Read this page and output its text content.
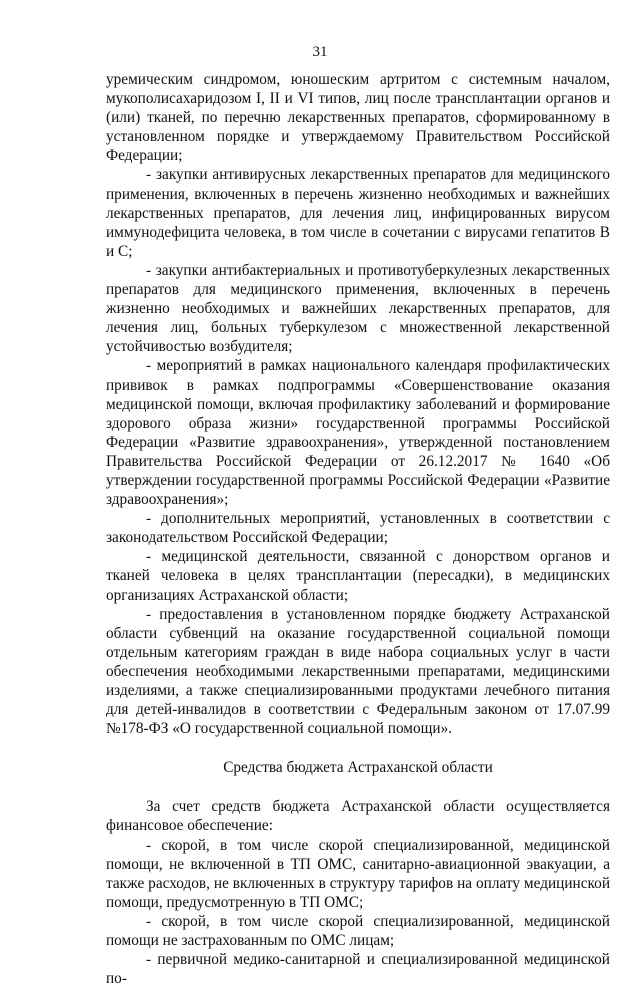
31

уремическим синдромом, юношеским артритом с системным началом, мукополисахаридозом I, II и VI типов, лиц после трансплантации органов и (или) тканей, по перечню лекарственных препаратов, сформированному в установленном порядке и утверждаемому Правительством Российской Федерации;

- закупки антивирусных лекарственных препаратов для медицинского применения, включенных в перечень жизненно необходимых и важнейших лекарственных препаратов, для лечения лиц, инфицированных вирусом иммунодефицита человека, в том числе в сочетании с вирусами гепатитов В и С;

- закупки антибактериальных и противотуберкулезных лекарственных препаратов для медицинского применения, включенных в перечень жизненно необходимых и важнейших лекарственных препаратов, для лечения лиц, больных туберкулезом с множественной лекарственной устойчивостью возбудителя;

- мероприятий в рамках национального календаря профилактических прививок в рамках подпрограммы «Совершенствование оказания медицинской помощи, включая профилактику заболеваний и формирование здорового образа жизни» государственной программы Российской Федерации «Развитие здравоохранения», утвержденной постановлением Правительства Российской Федерации от 26.12.2017 № 1640 «Об утверждении государственной программы Российской Федерации «Развитие здравоохранения»;

- дополнительных мероприятий, установленных в соответствии с законодательством Российской Федерации;

- медицинской деятельности, связанной с донорством органов и тканей человека в целях трансплантации (пересадки), в медицинских организациях Астраханской области;

- предоставления в установленном порядке бюджету Астраханской области субвенций на оказание государственной социальной помощи отдельным категориям граждан в виде набора социальных услуг в части обеспечения необходимыми лекарственными препаратами, медицинскими изделиями, а также специализированными продуктами лечебного питания для детей-инвалидов в соответствии с Федеральным законом от 17.07.99 №178-ФЗ «О государственной социальной помощи».

Средства бюджета Астраханской области

За счет средств бюджета Астраханской области осуществляется финансовое обеспечение:

- скорой, в том числе скорой специализированной, медицинской помощи, не включенной в ТП ОМС, санитарно-авиационной эвакуации, а также расходов, не включенных в структуру тарифов на оплату медицинской помощи, предусмотренную в ТП ОМС;

- скорой, в том числе скорой специализированной, медицинской помощи не застрахованным по ОМС лицам;

- первичной медико-санитарной и специализированной медицинской по-
